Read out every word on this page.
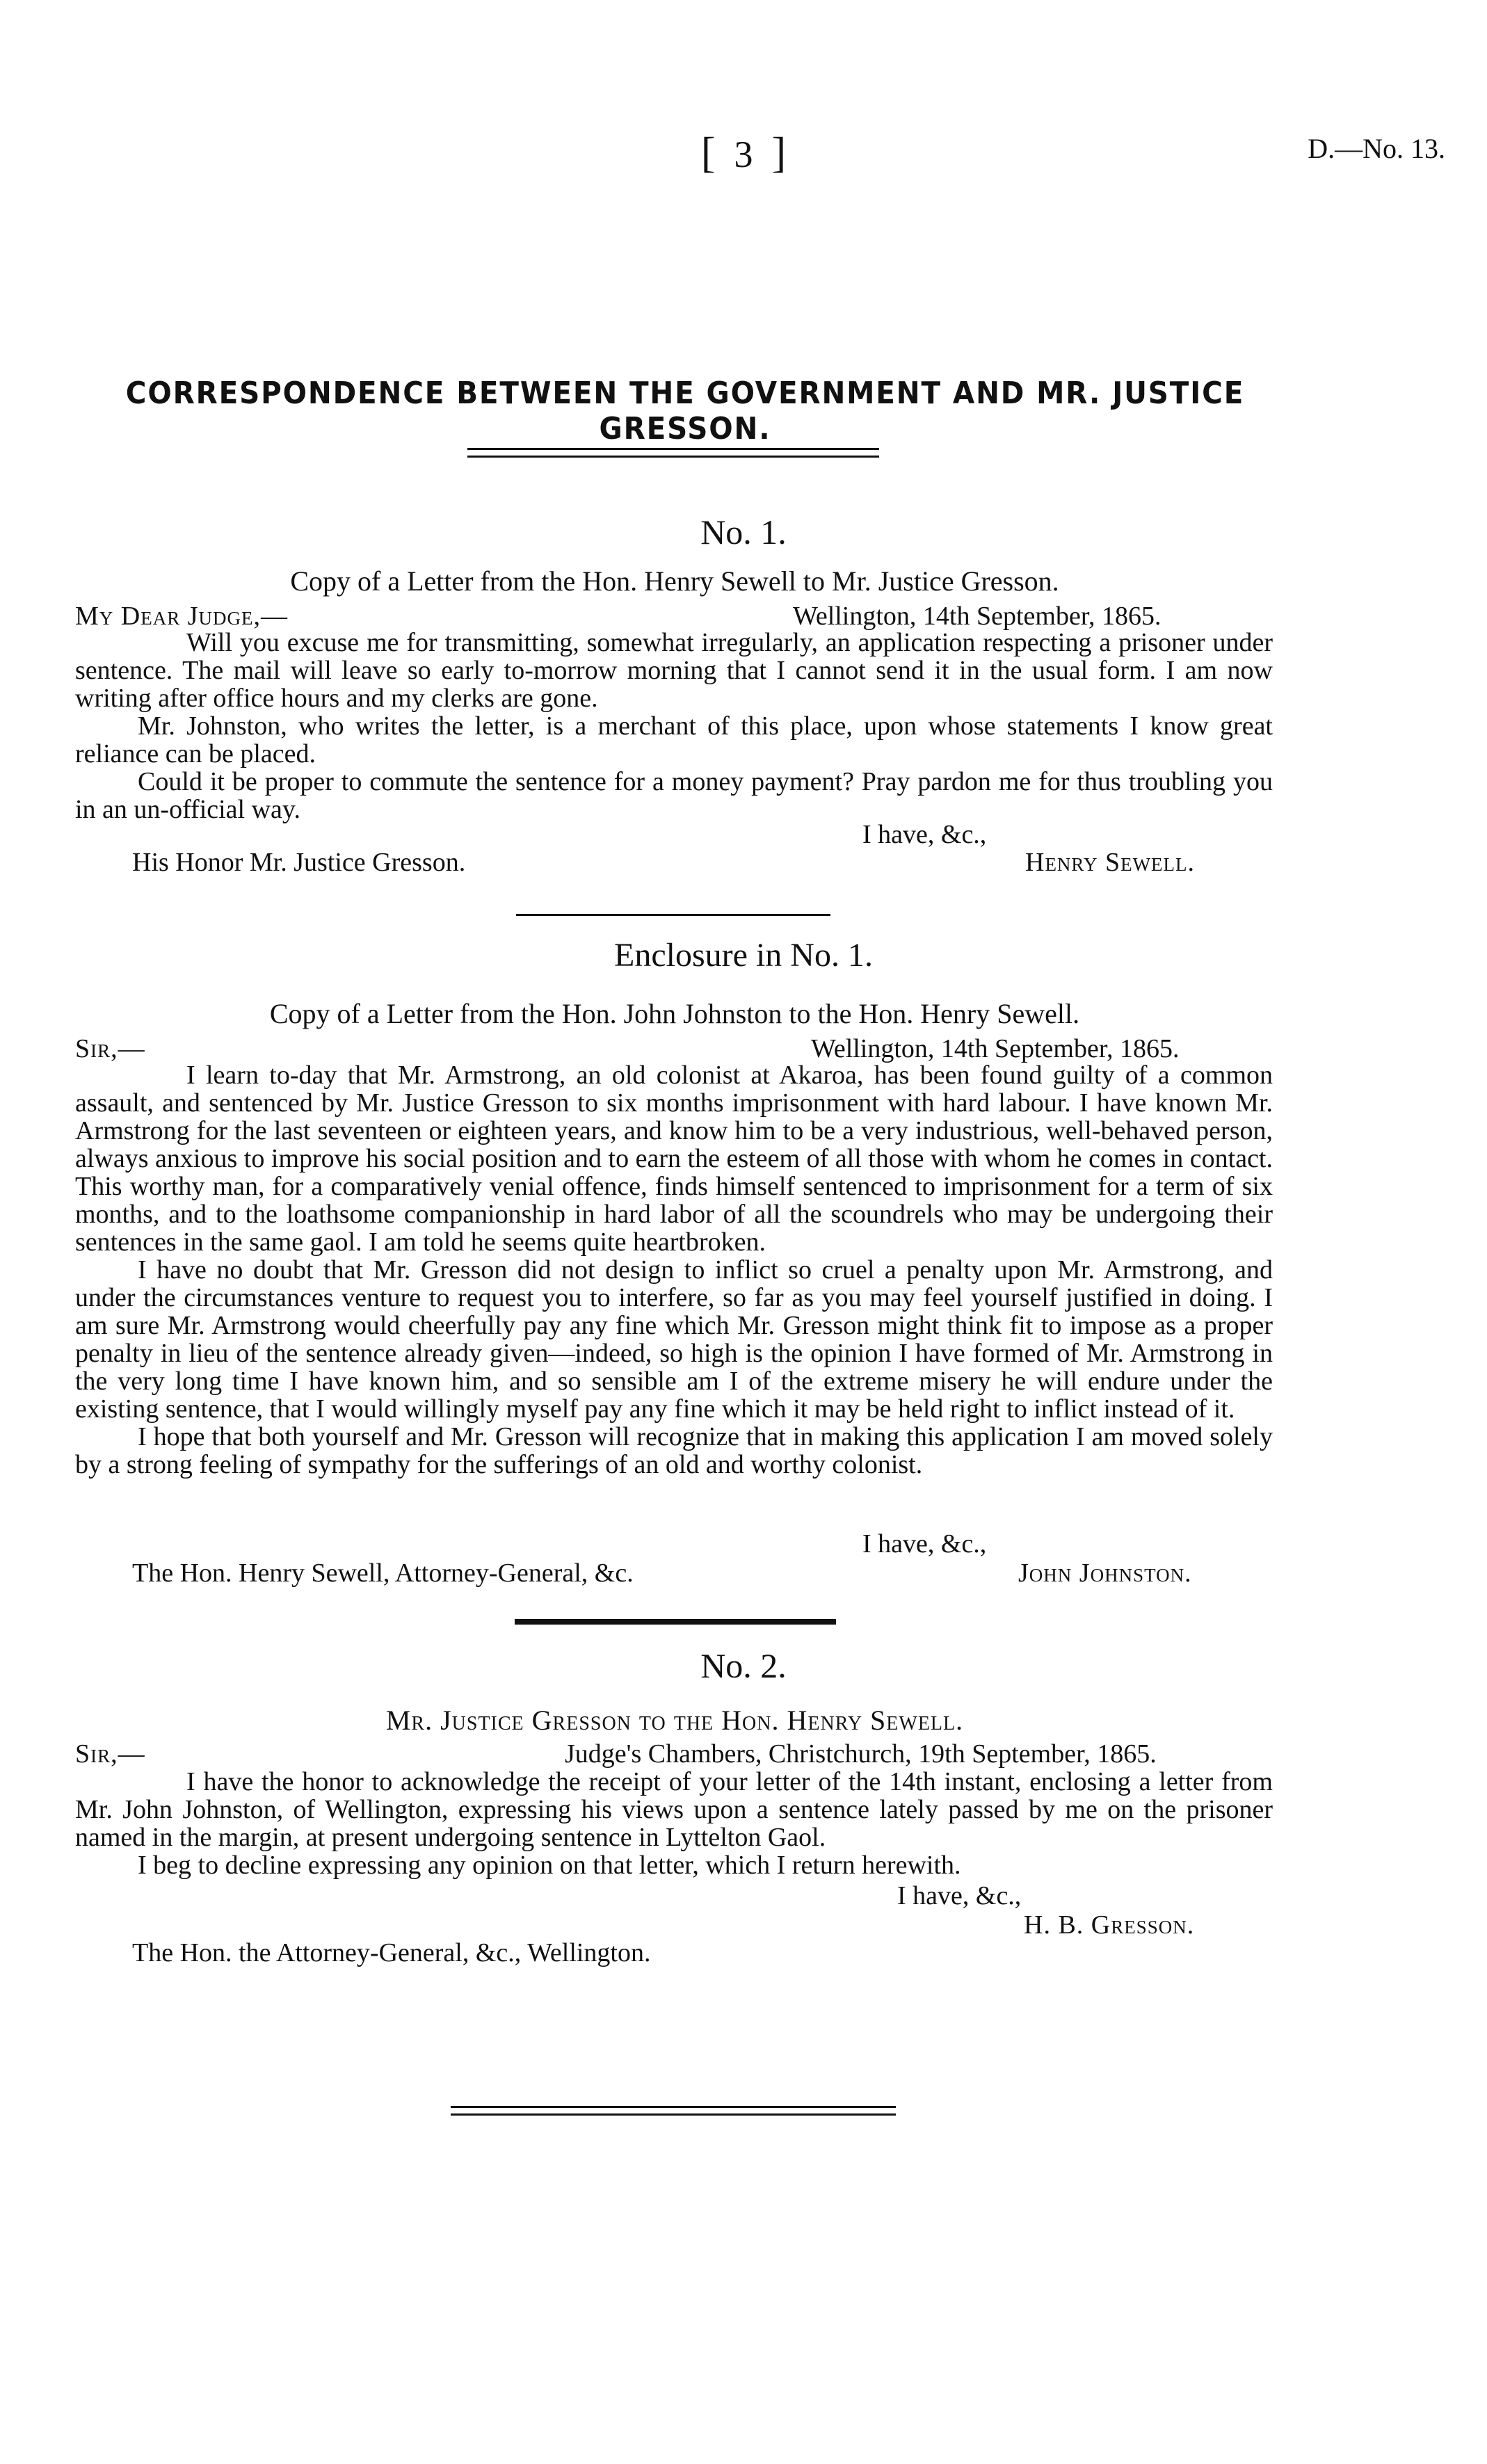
[ 3 ]	D.—No. 13.
CORRESPONDENCE BETWEEN THE GOVERNMENT AND MR. JUSTICE GRESSON.
No. 1.
Copy of a Letter from the Hon. Henry Sewell to Mr. Justice Gresson.
My Dear Judge,—	Wellington, 14th September, 1865.

Will you excuse me for transmitting, somewhat irregularly, an application respecting a prisoner under sentence. The mail will leave so early to-morrow morning that I cannot send it in the usual form. I am now writing after office hours and my clerks are gone.

Mr. Johnston, who writes the letter, is a merchant of this place, upon whose statements I know great reliance can be placed.

Could it be proper to commute the sentence for a money payment? Pray pardon me for thus troubling you in an un-official way.

I have, &c.,
His Honor Mr. Justice Gresson.	Henry Sewell.
Enclosure in No. 1.
Copy of a Letter from the Hon. John Johnston to the Hon. Henry Sewell.
Sir,—	Wellington, 14th September, 1865.

I learn to-day that Mr. Armstrong, an old colonist at Akaroa, has been found guilty of a common assault, and sentenced by Mr. Justice Gresson to six months imprisonment with hard labour. I have known Mr. Armstrong for the last seventeen or eighteen years, and know him to be a very industrious, well-behaved person, always anxious to improve his social position and to earn the esteem of all those with whom he comes in contact. This worthy man, for a comparatively venial offence, finds himself sentenced to imprisonment for a term of six months, and to the loathsome companionship in hard labor of all the scoundrels who may be undergoing their sentences in the same gaol. I am told he seems quite heartbroken.

I have no doubt that Mr. Gresson did not design to inflict so cruel a penalty upon Mr. Armstrong, and under the circumstances venture to request you to interfere, so far as you may feel yourself justified in doing. I am sure Mr. Armstrong would cheerfully pay any fine which Mr. Gresson might think fit to impose as a proper penalty in lieu of the sentence already given—indeed, so high is the opinion I have formed of Mr. Armstrong in the very long time I have known him, and so sensible am I of the extreme misery he will endure under the existing sentence, that I would willingly myself pay any fine which it may be held right to inflict instead of it.

I hope that both yourself and Mr. Gresson will recognize that in making this application I am moved solely by a strong feeling of sympathy for the sufferings of an old and worthy colonist.

I have, &c.,
The Hon. Henry Sewell, Attorney-General, &c.	John Johnston.
No. 2.
Mr. Justice Gresson to the Hon. Henry Sewell.
Sir,—	Judge's Chambers, Christchurch, 19th September, 1865.

I have the honor to acknowledge the receipt of your letter of the 14th instant, enclosing a letter from Mr. John Johnston, of Wellington, expressing his views upon a sentence lately passed by me on the prisoner named in the margin, at present undergoing sentence in Lyttelton Gaol.

I beg to decline expressing any opinion on that letter, which I return herewith.

I have, &c.,
H. B. Gresson.
The Hon. the Attorney-General, &c., Wellington.
